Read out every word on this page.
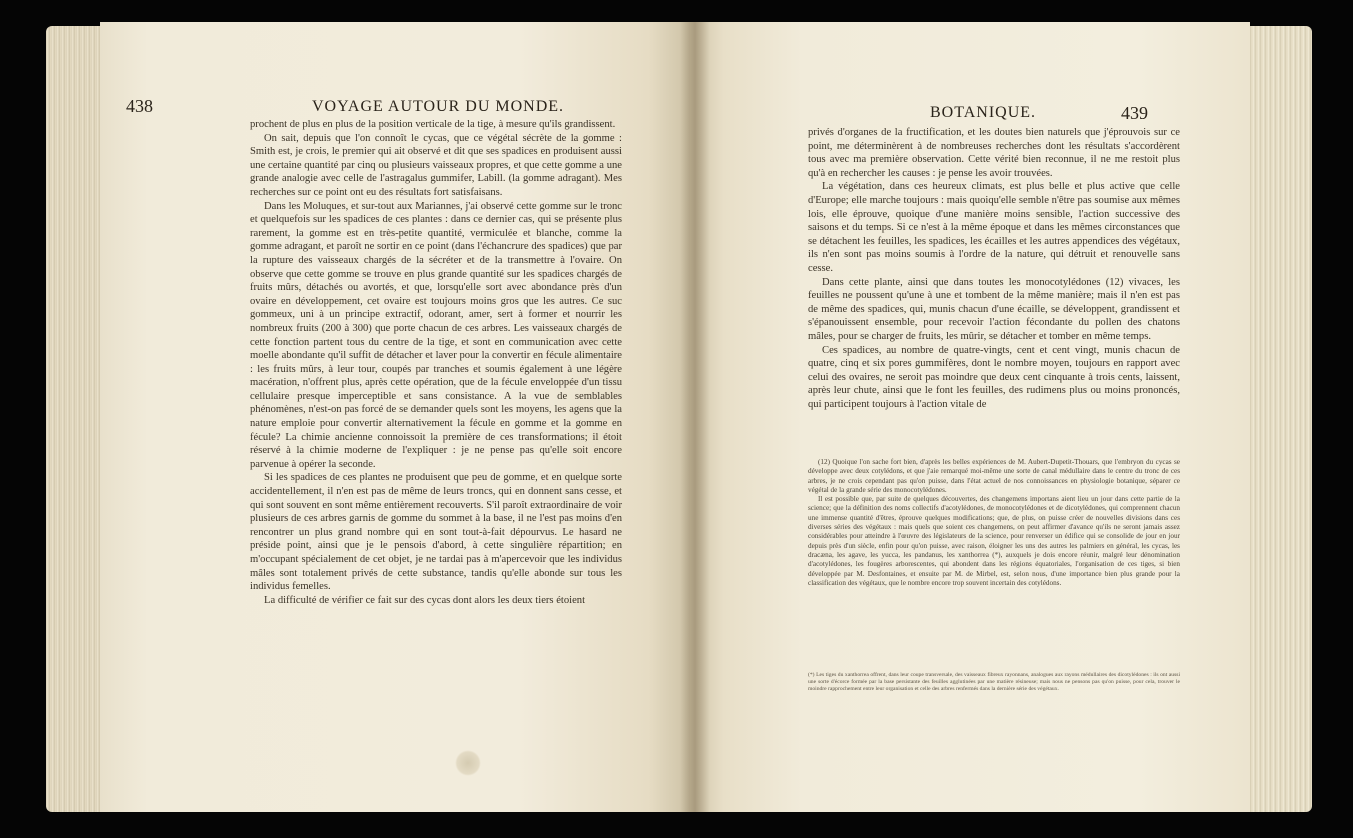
438	VOYAGE AUTOUR DU MONDE.

prochent de plus en plus de la position verticale de la tige, à mesure qu'ils grandissent.

On sait, depuis que l'on connoît le cycas, que ce végétal sécrète de la gomme : Smith est, je crois, le premier qui ait observé et dit que ses spadices en produisent aussi une certaine quantité par cinq ou plusieurs vaisseaux propres, et que cette gomme a une grande analogie avec celle de l'astragalus gummifer, Labill. (la gomme adragant). Mes recherches sur ce point ont eu des résultats fort satisfaisans.

Dans les Moluques, et sur-tout aux Mariannes, j'ai observé cette gomme sur le tronc et quelquefois sur les spadices de ces plantes : dans ce dernier cas, qui se présente plus rarement, la gomme est en très-petite quantité, vermiculée et blanche, comme la gomme adragant, et paroît ne sortir en ce point (dans l'échancrure des spadices) que par la rupture des vaisseaux chargés de la sécréter et de la transmettre à l'ovaire. On observe que cette gomme se trouve en plus grande quantité sur les spadices chargés de fruits mûrs, détachés ou avortés, et que, lorsqu'elle sort avec abondance près d'un ovaire en développement, cet ovaire est toujours moins gros que les autres. Ce suc gommeux, uni à un principe extractif, odorant, amer, sert à former et nourrir les nombreux fruits (200 à 300) que porte chacun de ces arbres. Les vaisseaux chargés de cette fonction partent tous du centre de la tige, et sont en communication avec cette moelle abondante qu'il suffit de détacher et laver pour la convertir en fécule alimentaire : les fruits mûrs, à leur tour, coupés par tranches et soumis également à une légère macération, n'offrent plus, après cette opération, que de la fécule enveloppée d'un tissu cellulaire presque imperceptible et sans consistance. A la vue de semblables phénomènes, n'est-on pas forcé de se demander quels sont les moyens, les agens que la nature emploie pour convertir alternativement la fécule en gomme et la gomme en fécule? La chimie ancienne connoissoit la première de ces transformations; il étoit réservé à la chimie moderne de l'expliquer : je ne pense pas qu'elle soit encore parvenue à opérer la seconde.

Si les spadices de ces plantes ne produisent que peu de gomme, et en quelque sorte accidentellement, il n'en est pas de même de leurs troncs, qui en donnent sans cesse, et qui sont souvent en sont même entièrement recouverts. S'il paroît extraordinaire de voir plusieurs de ces arbres garnis de gomme du sommet à la base, il ne l'est pas moins d'en rencontrer un plus grand nombre qui en sont tout-à-fait dépourvus. Le hasard ne préside point, ainsi que je le pensois d'abord, à cette singulière répartition; en m'occupant spécialement de cet objet, je ne tardai pas à m'apercevoir que les individus mâles sont totalement privés de cette substance, tandis qu'elle abonde sur tous les individus femelles.

La difficulté de vérifier ce fait sur des cycas dont alors les deux tiers étoient

BOTANIQUE.	439

privés d'organes de la fructification, et les doutes bien naturels que j'éprouvois sur ce point, me déterminèrent à de nombreuses recherches dont les résultats s'accordèrent tous avec ma première observation. Cette vérité bien reconnue, il ne me restoit plus qu'à en rechercher les causes : je pense les avoir trouvées.

La végétation, dans ces heureux climats, est plus belle et plus active que celle d'Europe; elle marche toujours : mais quoiqu'elle semble n'être pas soumise aux mêmes lois, elle éprouve, quoique d'une manière moins sensible, l'action successive des saisons et du temps. Si ce n'est à la même époque et dans les mêmes circonstances que se détachent les feuilles, les spadices, les écailles et les autres appendices des végétaux, ils n'en sont pas moins soumis à l'ordre de la nature, qui détruit et renouvelle sans cesse.

Dans cette plante, ainsi que dans toutes les monocotylédones (12) vivaces, les feuilles ne poussent qu'une à une et tombent de la même manière; mais il n'en est pas de même des spadices, qui, munis chacun d'une écaille, se développent, grandissent et s'épanouissent ensemble, pour recevoir l'action fécondante du pollen des chatons mâles, pour se charger de fruits, les mûrir, se détacher et tomber en même temps.

Ces spadices, au nombre de quatre-vingts, cent et cent vingt, munis chacun de quatre, cinq et six pores gummifères, dont le nombre moyen, toujours en rapport avec celui des ovaires, ne seroit pas moindre que deux cent cinquante à trois cents, laissent, après leur chute, ainsi que le font les feuilles, des rudimens plus ou moins prononcés, qui participent toujours à l'action vitale de

(12) Quoique l'on sache fort bien, d'après les belles expériences de M. Aubert-Dupetit-Thouars, que l'embryon du cycas se développe avec deux cotylédons, et que j'aie remarqué moi-même une sorte de canal médullaire dans le centre du tronc de ces arbres, je ne crois cependant pas qu'on puisse, dans l'état actuel de nos connoissances en physiologie botanique, séparer ce végétal de la grande série des monocotylédones.

Il est possible que, par suite de quelques découvertes, des changemens importans aient lieu un jour dans cette partie de la science; que la définition des noms collectifs d'acotylédones, de monocotylédones et de dicotylédones, qui comprennent chacun une immense quantité d'êtres, éprouve quelques modifications; que, de plus, on puisse créer de nouvelles divisions dans ces diverses séries des végétaux : mais quels que soient ces changemens, on peut affirmer d'avance qu'ils ne seront jamais assez considérables pour atteindre à l'œuvre des législateurs de la science, pour renverser un édifice qui se consolide de jour en jour depuis près d'un siècle, enfin pour qu'on puisse, avec raison, éloigner les uns des autres les palmiers en général, les cycas, les dracæna, les agave, les yucca, les pandanus, les xanthorrea (*), auxquels je dois encore réunir, malgré leur dénomination d'acotylédones, les fougères arborescentes, qui abondent dans les régions équatoriales, l'organisation de ces tiges, si bien développée par M. Desfontaines, et ensuite par M. de Mirbel, est, selon nous, d'une importance bien plus grande pour la classification des végétaux, que le nombre encore trop souvent incertain des cotylédons.

(*) Les tiges du xanthorrea offrent, dans leur coupe transversale, des vaisseaux fibreux rayonnans, analogues aux rayons médullaires des dicotylédones : ils ont aussi une sorte d'écorce formée par la base persistante des feuilles agglutinées par une matière résineuse; mais nous ne pensons pas qu'on puisse, pour cela, trouver le moindre rapprochement entre leur organisation et celle des arbres renfermés dans la dernière série des végétaux.
